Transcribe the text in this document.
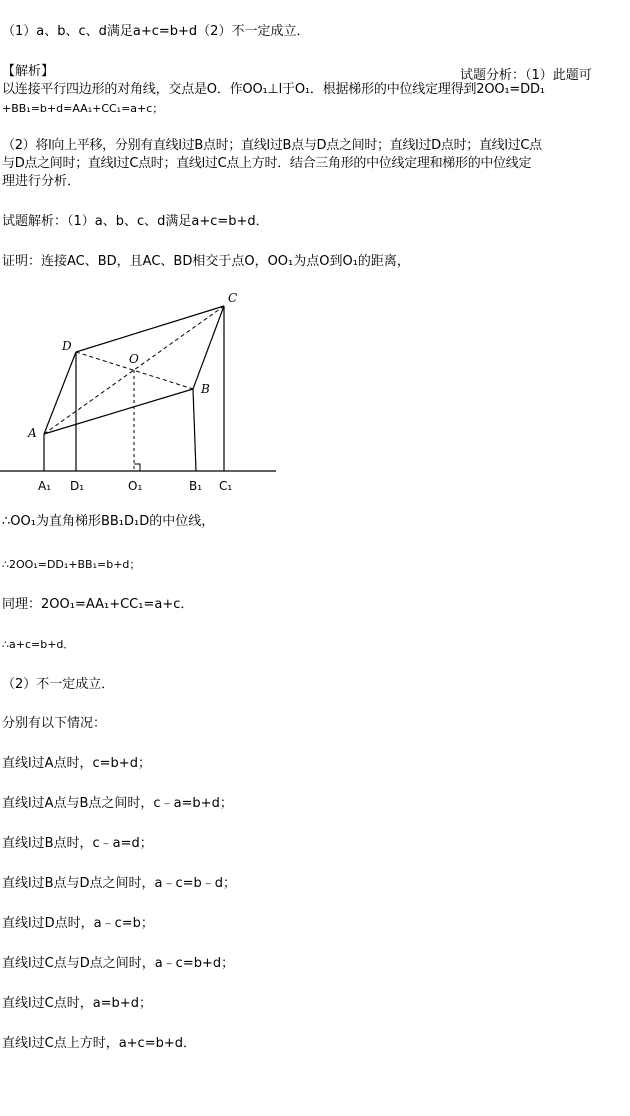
（1）a、b、c、d满足a+c=b+d（2）不一定成立．
【解析】	试题分析：（1）此题可
以连接平行四边形的对角线，交点是O．作OO₁⊥l于O₁．根据梯形的中位线定理得到2OO₁=DD₁
+BB₁=b+d=AA₁+CC₁=a+c；
（2）将l向上平移，分别有直线l过B点时；直线l过B点与D点之间时；直线l过D点时；直线l过C点
与D点之间时；直线l过C点时；直线l过C点上方时．结合三角形的中位线定理和梯形的中位线定
理进行分析．
试题解析：（1）a、b、c、d满足a+c=b+d．
证明：连接AC、BD，且AC、BD相交于点O，OO₁为点O到O₁的距离，
A
D
C
B
O
A₁ D₁	O₁	B₁ C₁
∴OO₁为直角梯形BB₁D₁D的中位线，
∴2OO₁=DD₁+BB₁=b+d；
同理：2OO₁=AA₁+CC₁=a+c．
∴a+c=b+d．
（2）不一定成立．
分别有以下情况：
直线l过A点时，c=b+d；
直线l过A点与B点之间时，c﹣a=b+d；
直线l过B点时，c﹣a=d；
直线l过B点与D点之间时，a﹣c=b﹣d；
直线l过D点时，a﹣c=b；
直线l过C点与D点之间时，a﹣c=b+d；
直线l过C点时，a=b+d；
直线l过C点上方时，a+c=b+d．
